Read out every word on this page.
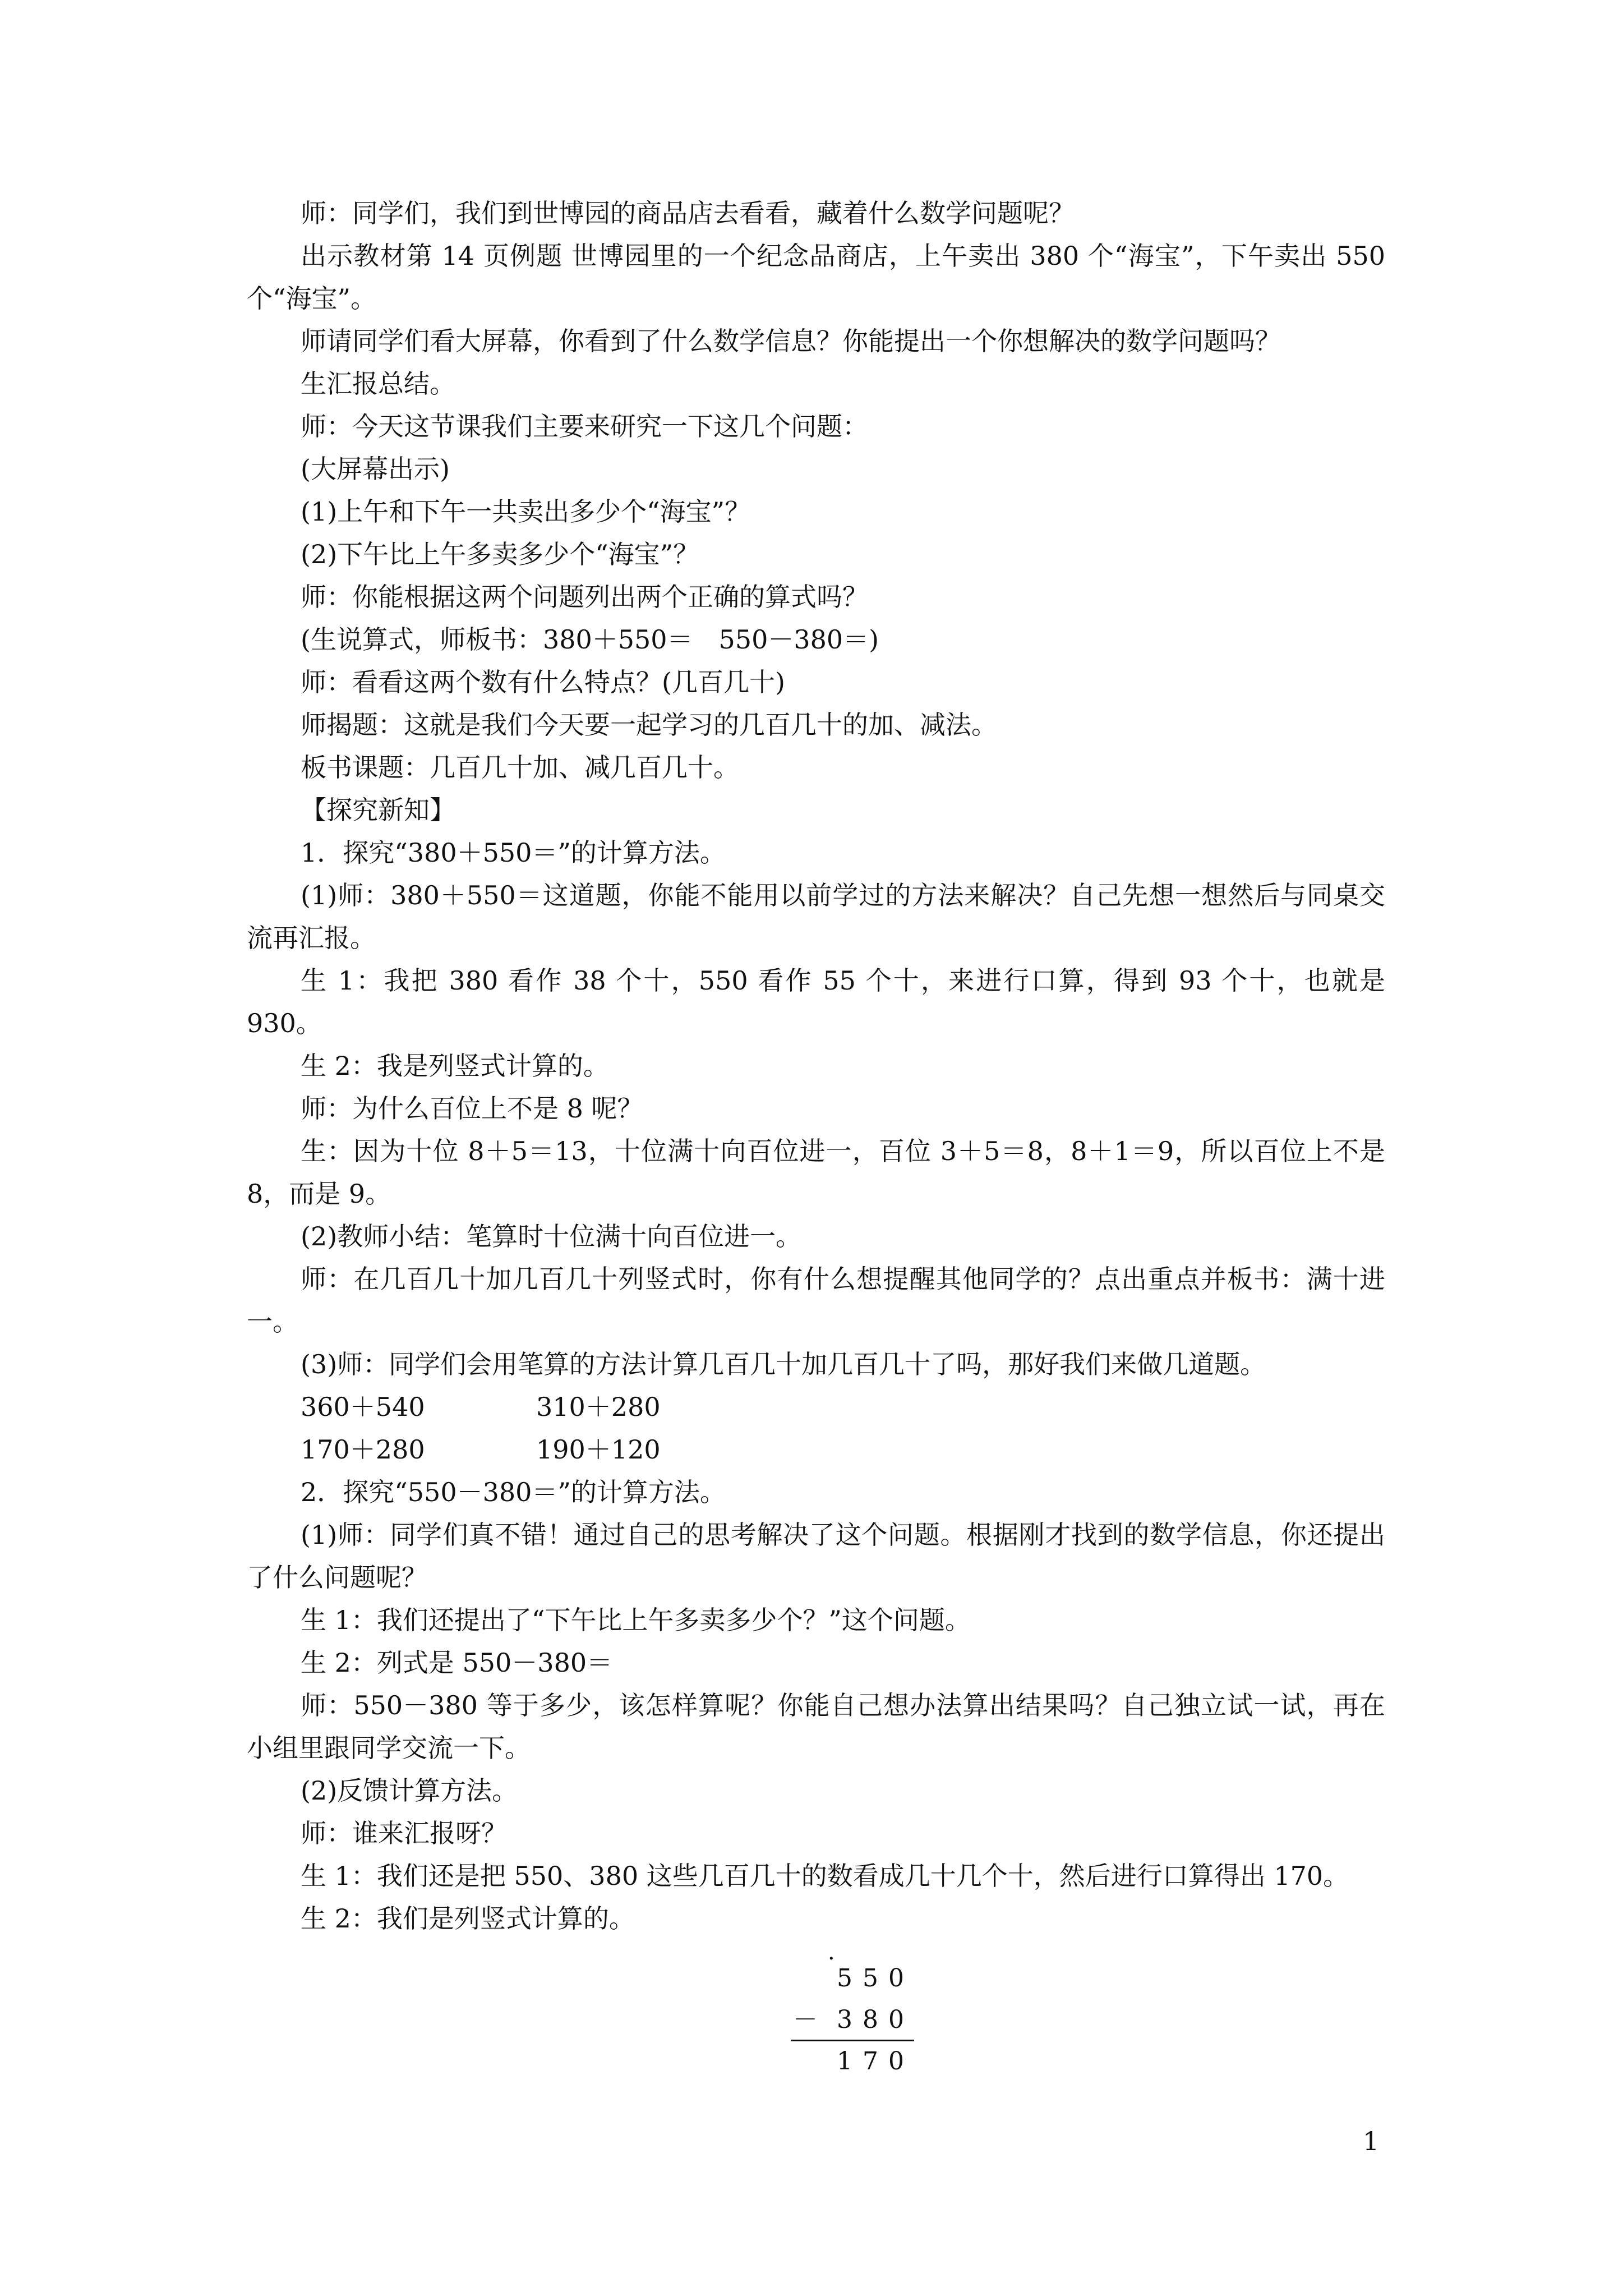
师：同学们，我们到世博园的商品店去看看，藏着什么数学问题呢？

出示教材第 14 页例题 世博园里的一个纪念品商店，上午卖出 380 个“海宝”，下午卖出 550 个“海宝”。

师请同学们看大屏幕，你看到了什么数学信息？你能提出一个你想解决的数学问题吗？

生汇报总结。

师：今天这节课我们主要来研究一下这几个问题：

(大屏幕出示)

(1)上午和下午一共卖出多少个“海宝”？

(2)下午比上午多卖多少个“海宝”？

师：你能根据这两个问题列出两个正确的算式吗？

(生说算式，师板书：380＋550＝　550－380＝)

师：看看这两个数有什么特点？(几百几十)

师揭题：这就是我们今天要一起学习的几百几十的加、减法。

板书课题：几百几十加、减几百几十。

【探究新知】

1．探究“380＋550＝”的计算方法。

(1)师：380＋550＝这道题，你能不能用以前学过的方法来解决？自己先想一想然后与同桌交流再汇报。

生 1：我把 380 看作 38 个十，550 看作 55 个十，来进行口算，得到 93 个十，也就是930。

生 2：我是列竖式计算的。

师：为什么百位上不是 8 呢？

生：因为十位 8＋5＝13，十位满十向百位进一，百位 3＋5＝8，8＋1＝9，所以百位上不是 8，而是 9。

(2)教师小结：笔算时十位满十向百位进一。

师：在几百几十加几百几十列竖式时，你有什么想提醒其他同学的？点出重点并板书：满十进一。

(3)师：同学们会用笔算的方法计算几百几十加几百几十了吗，那好我们来做几道题。

360＋540	310＋280

170＋280	190＋120

2．探究“550－380＝”的计算方法。

(1)师：同学们真不错！通过自己的思考解决了这个问题。根据刚才找到的数学信息，你还提出了什么问题呢？

生 1：我们还提出了“下午比上午多卖多少个？”这个问题。

生 2：列式是 550－380＝

师：550－380 等于多少，该怎样算呢？你能自己想办法算出结果吗？自己独立试一试，再在小组里跟同学交流一下。

(2)反馈计算方法。

师：谁来汇报呀？

生 1：我们还是把 550、380 这些几百几十的数看成几十几个十，然后进行口算得出 170。

生 2：我们是列竖式计算的。

·
550
－ 380
170
1
